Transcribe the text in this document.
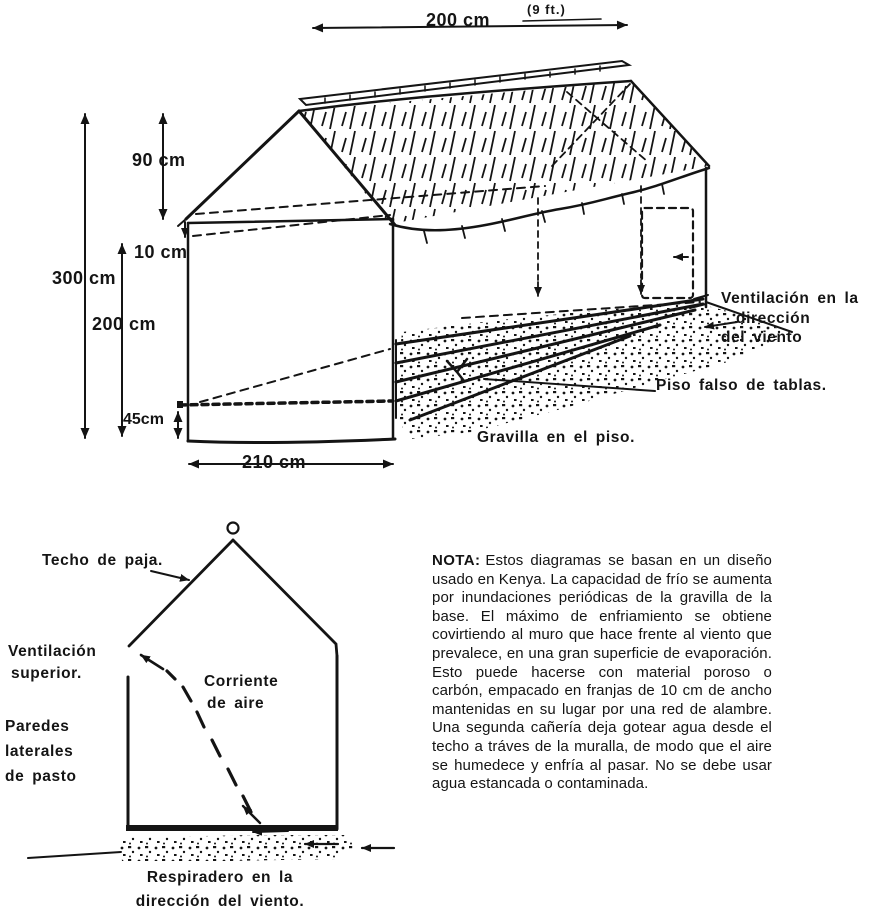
200 cm
(9 ft.)
90 cm
300 cm
10 cm
200 cm
45cm
210 cm
Ventilación en la
dirección
del viento
Piso falso de tablas.
Gravilla en el piso.
Techo de paja.
Ventilación
superior.
Paredes
laterales
de pasto
Corriente
de aire
Respiradero en la
dirección del viento.
NOTA: Estos diagramas se basan en un diseño usado en Kenya. La capacidad de frío se aumenta por inundaciones periódicas de la gravilla de la base. El máximo de enfriamiento se obtiene covirtiendo al muro que hace frente al viento que prevalece, en una gran superficie de evaporación. Esto puede hacerse con material poroso o carbón, empacado en franjas de 10 cm de ancho mantenidas en su lugar por una red de alambre. Una segunda cañería deja gotear agua desde el techo a tráves de la muralla, de modo que el aire se humedece y enfría al pasar. No se debe usar agua estancada o contaminada.
